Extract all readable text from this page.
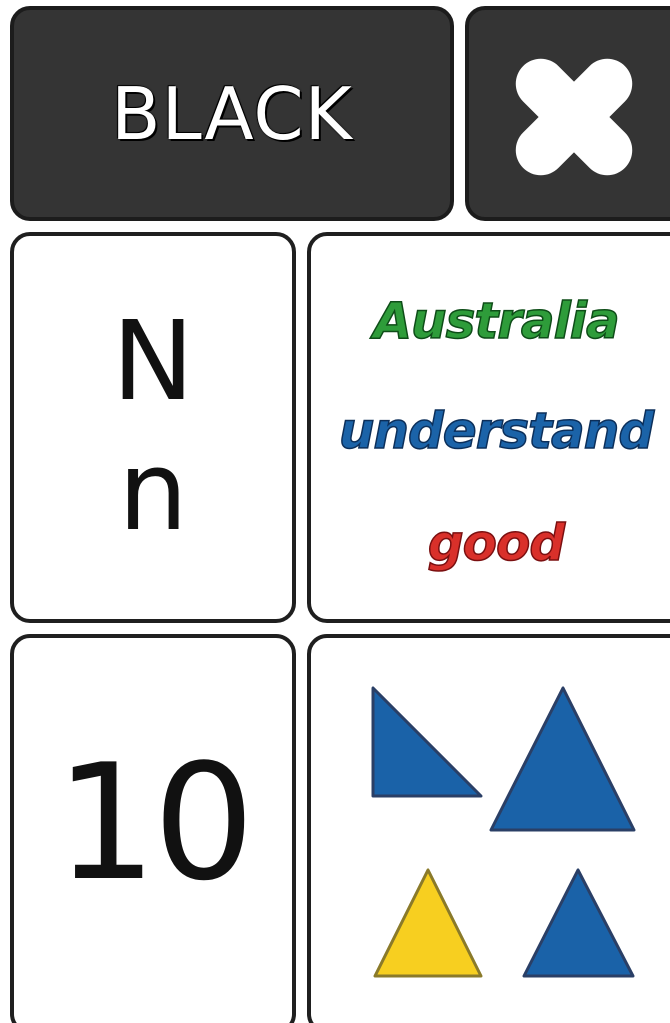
BLACK
N
n
Australia
understand
good
10
